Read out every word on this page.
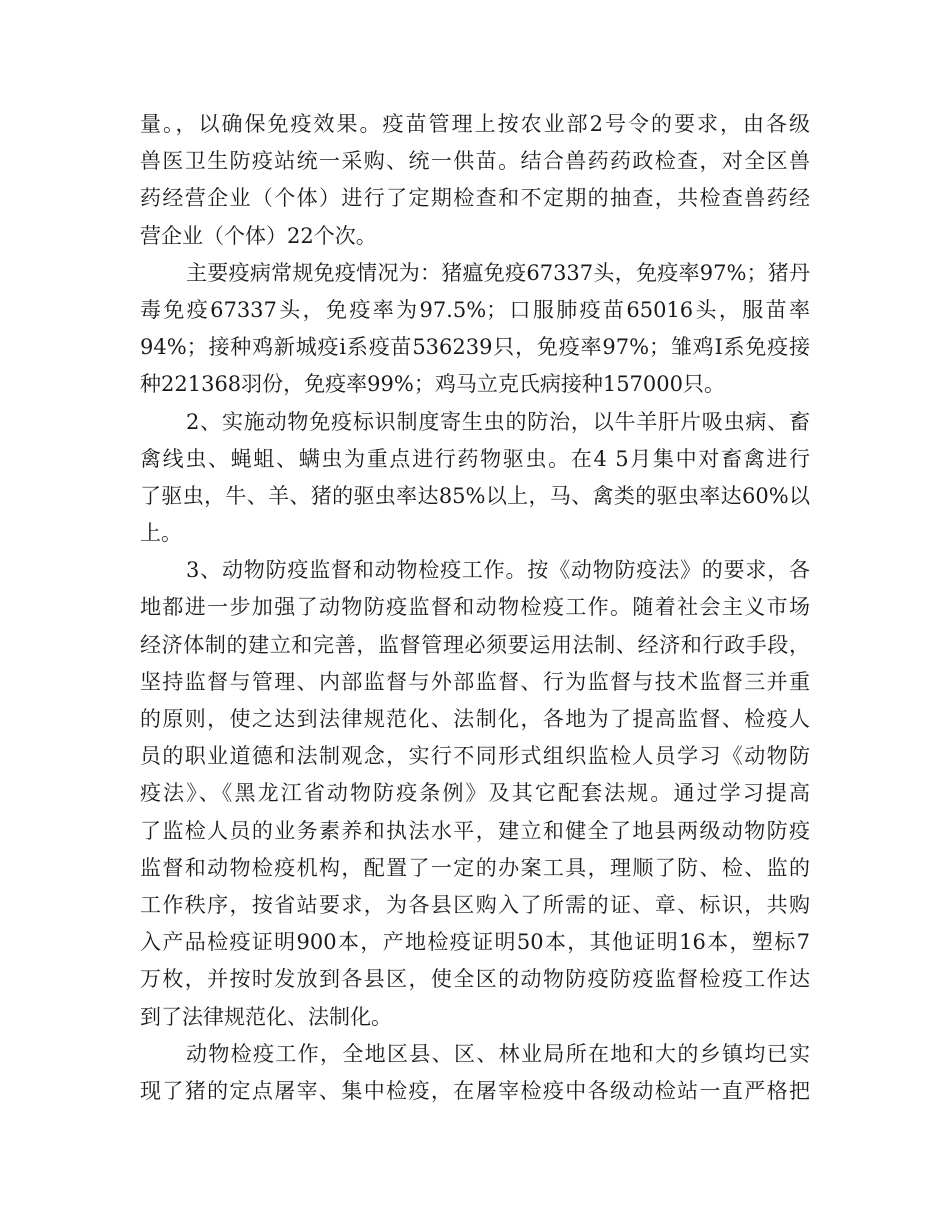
量。，以确保免疫效果。疫苗管理上按农业部2号令的要求，由各级
兽医卫生防疫站统一采购、统一供苗。结合兽药药政检查，对全区兽
药经营企业（个体）进行了定期检查和不定期的抽查，共检查兽药经
营企业（个体）22个次。
主要疫病常规免疫情况为：猪瘟免疫67337头，免疫率97%；猪丹
毒免疫67337头，免疫率为97.5%；口服肺疫苗65016头，服苗率
94%；接种鸡新城疫ⅰ系疫苗536239只，免疫率97%；雏鸡Ⅰ系免疫接
种221368羽份，免疫率99%；鸡马立克氏病接种157000只。
2、实施动物免疫标识制度寄生虫的防治，以牛羊肝片吸虫病、畜
禽线虫、蝇蛆、螨虫为重点进行药物驱虫。在4 5月集中对畜禽进行
了驱虫，牛、羊、猪的驱虫率达85%以上，马、禽类的驱虫率达60%以
上。
3、动物防疫监督和动物检疫工作。按《动物防疫法》的要求，各
地都进一步加强了动物防疫监督和动物检疫工作。随着社会主义市场
经济体制的建立和完善，监督管理必须要运用法制、经济和行政手段，
坚持监督与管理、内部监督与外部监督、行为监督与技术监督三并重
的原则，使之达到法律规范化、法制化，各地为了提高监督、检疫人
员的职业道德和法制观念，实行不同形式组织监检人员学习《动物防
疫法》、《黑龙江省动物防疫条例》及其它配套法规。通过学习提高
了监检人员的业务素养和执法水平，建立和健全了地县两级动物防疫
监督和动物检疫机构，配置了一定的办案工具，理顺了防、检、监的
工作秩序，按省站要求，为各县区购入了所需的证、章、标识，共购
入产品检疫证明900本，产地检疫证明50本，其他证明16本，塑标7
万枚，并按时发放到各县区，使全区的动物防疫防疫监督检疫工作达
到了法律规范化、法制化。
动物检疫工作，全地区县、区、林业局所在地和大的乡镇均已实
现了猪的定点屠宰、集中检疫，在屠宰检疫中各级动检站一直严格把
